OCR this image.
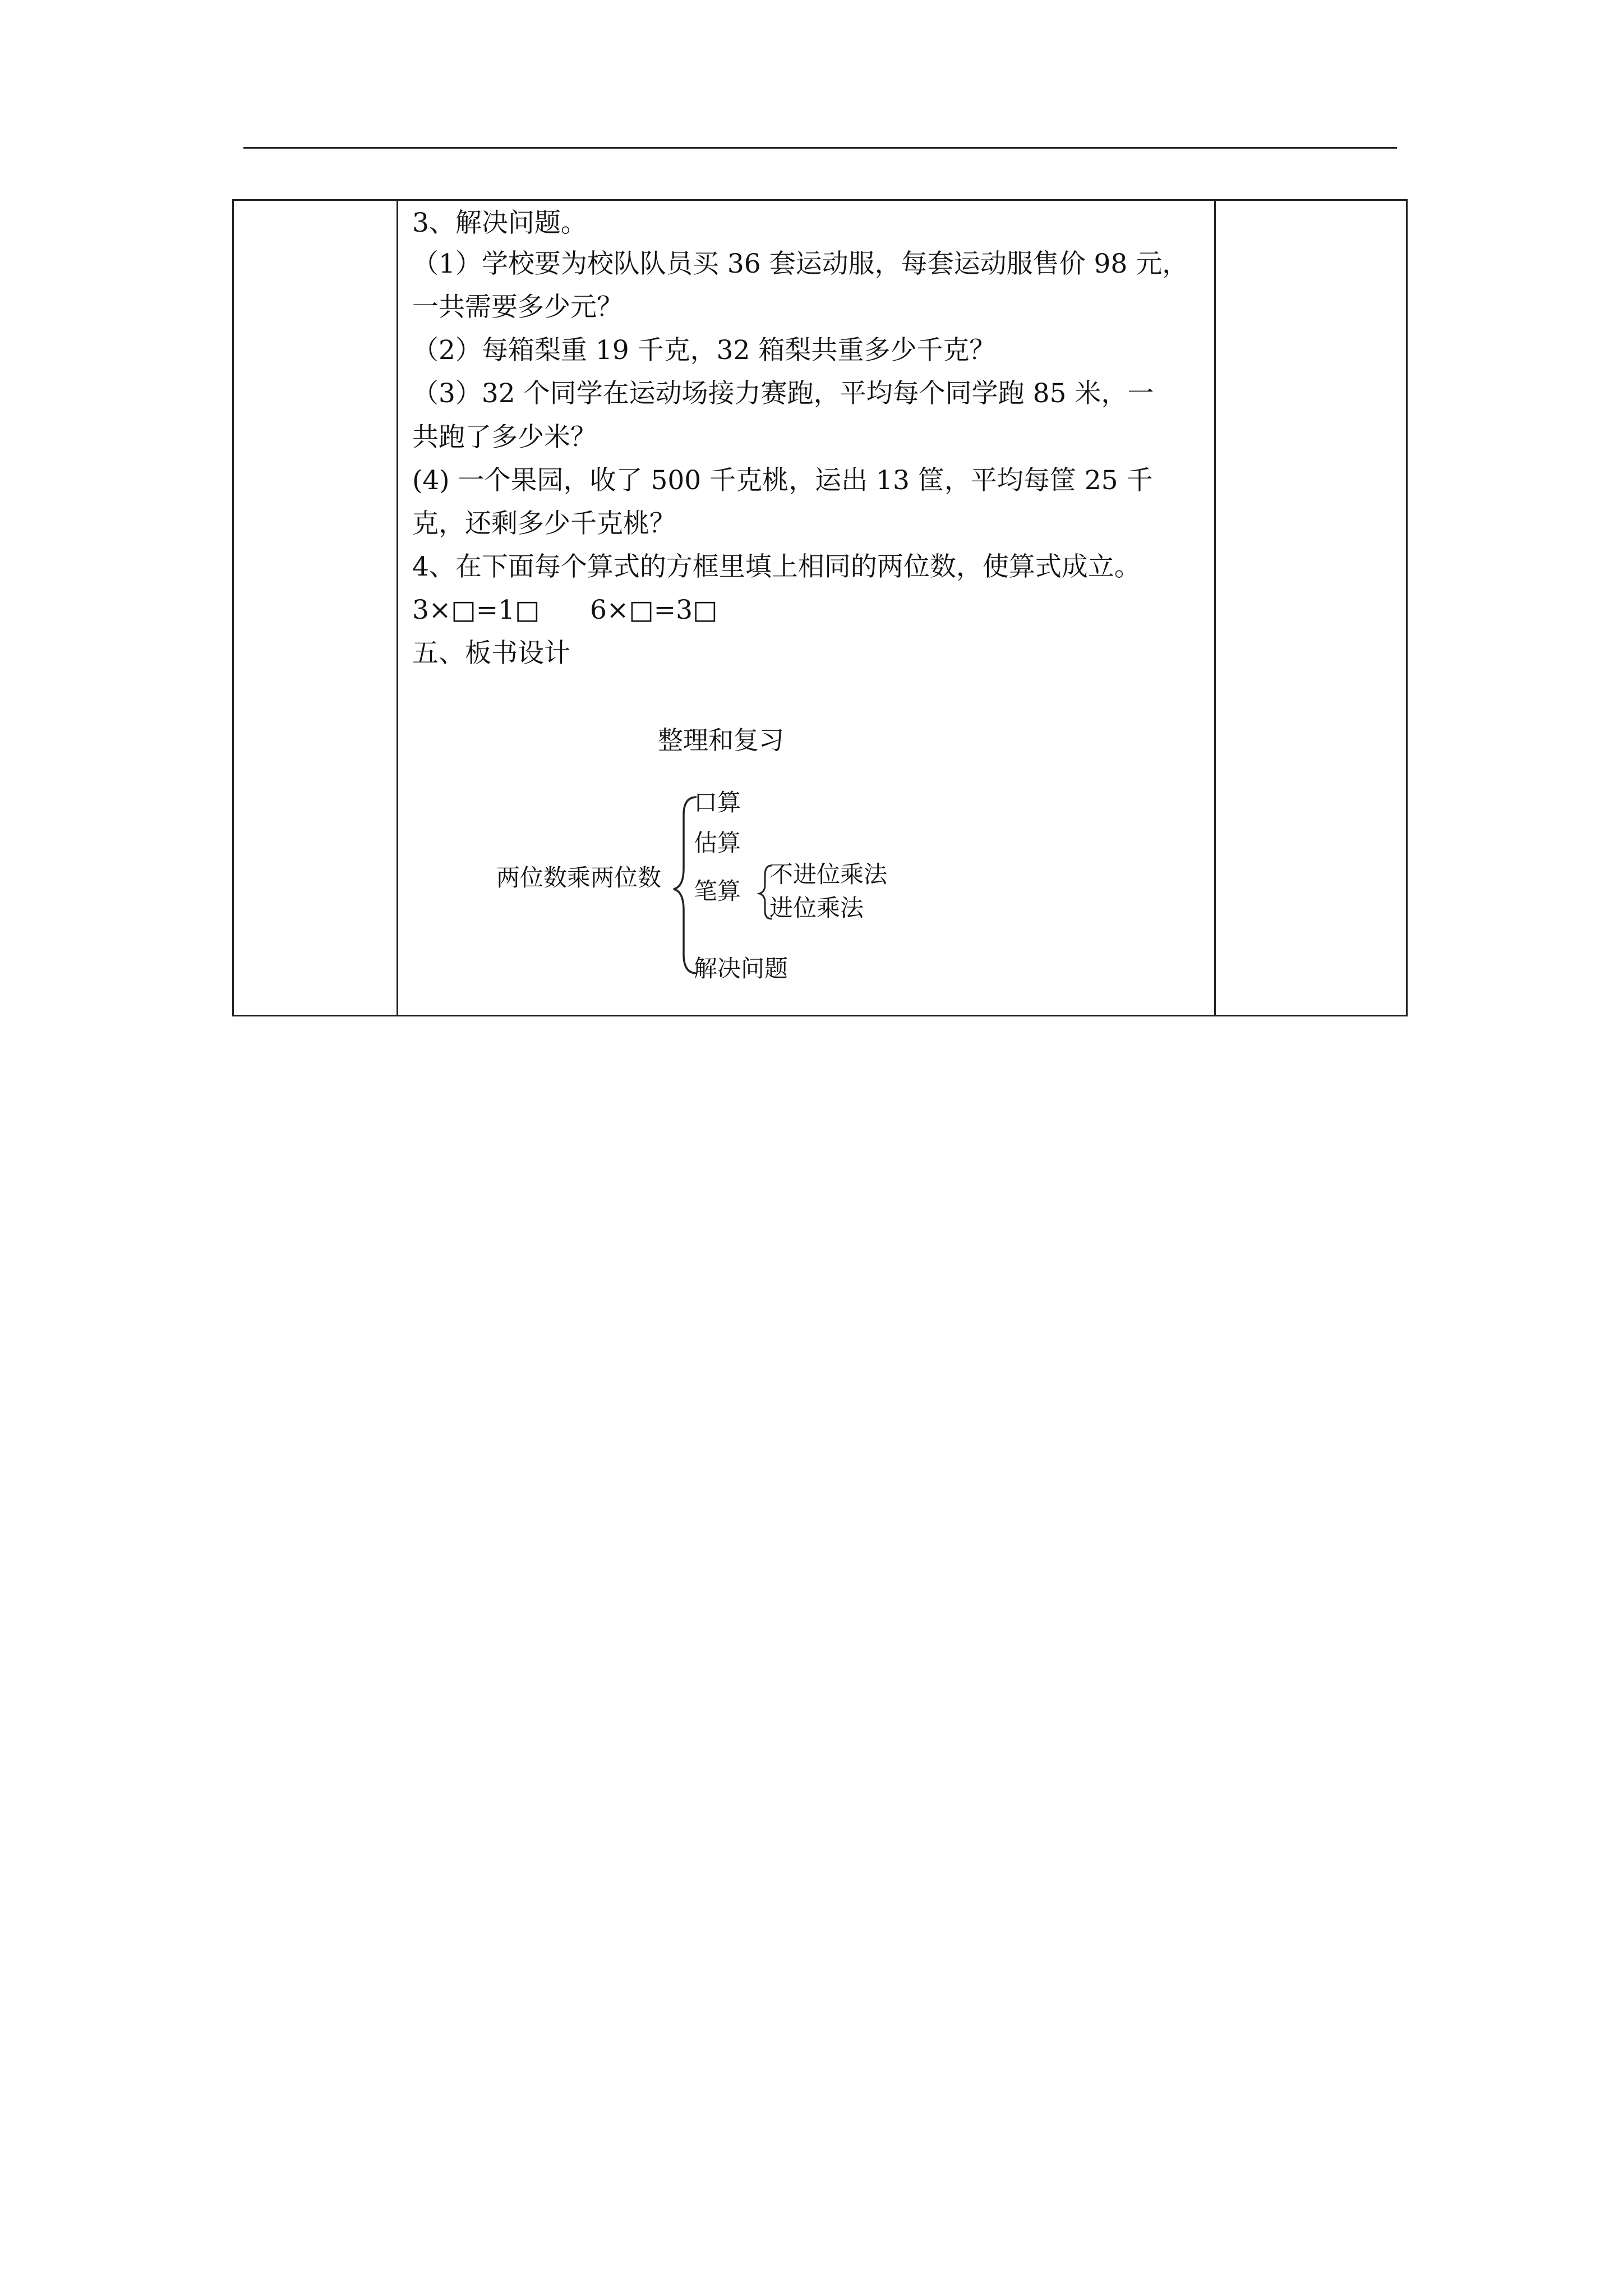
3、解决问题。
（1）学校要为校队队员买 36 套运动服，每套运动服售价 98 元，
一共需要多少元？
（2）每箱梨重 19 千克，32 箱梨共重多少千克？
（3）32 个同学在运动场接力赛跑，平均每个同学跑 85 米，一
共跑了多少米？
(4) 一个果园，收了 500 千克桃，运出 13 筐，平均每筐 25 千
克，还剩多少千克桃？
4、在下面每个算式的方框里填上相同的两位数，使算式成立。
3×□=1□      6×□=3□
五、板书设计
整理和复习
两位数乘两位数
口算
估算
笔算
解决问题
不进位乘法
进位乘法
